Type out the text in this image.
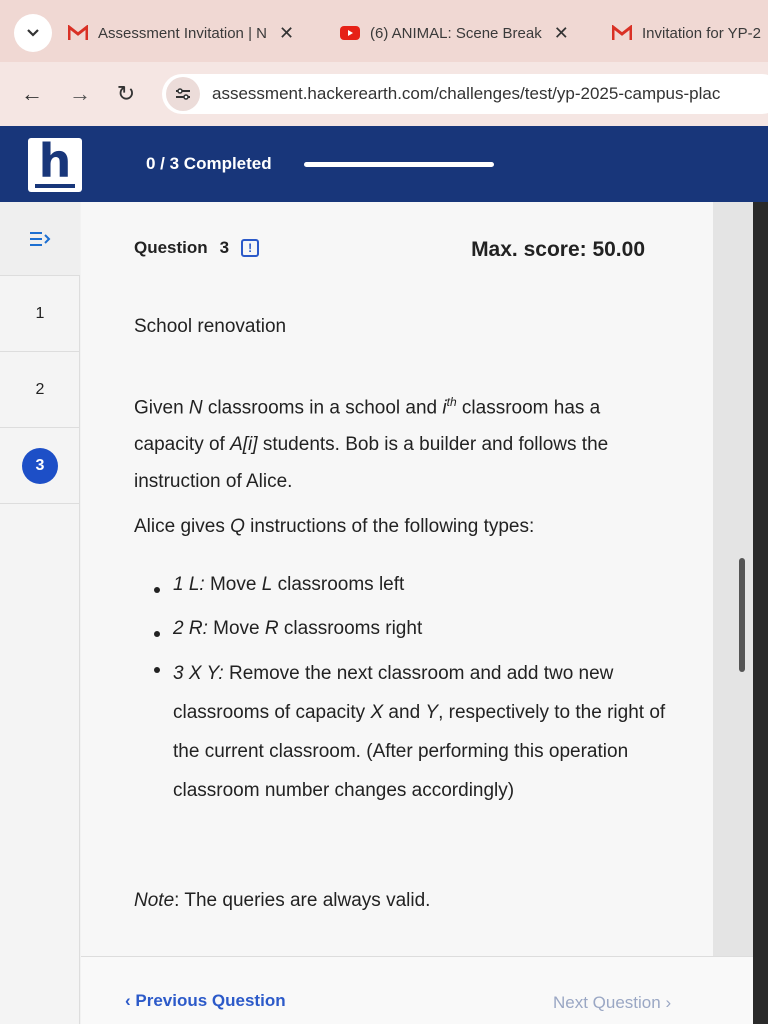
Assessment Invitation | N ✕	(6) ANIMAL: Scene Break ✕	Invitation for YP-2
← → ↻	assessment.hackerearth.com/challenges/test/yp-2025-campus-plac
h	0 / 3 Completed
1
2
3
Question 3	!	Max. score: 50.00
School renovation
Given N classrooms in a school and $i^{th}$ classroom has a capacity of A[i] students. Bob is a builder and follows the instruction of Alice.
Alice gives Q instructions of the following types:
1 L: Move L classrooms left
2 R: Move R classrooms right
3 X Y: Remove the next classroom and add two new classrooms of capacity X and Y, respectively to the right of the current classroom. (After performing this operation classroom number changes accordingly)
Note: The queries are always valid.
‹ Previous Question	Next Question ›
